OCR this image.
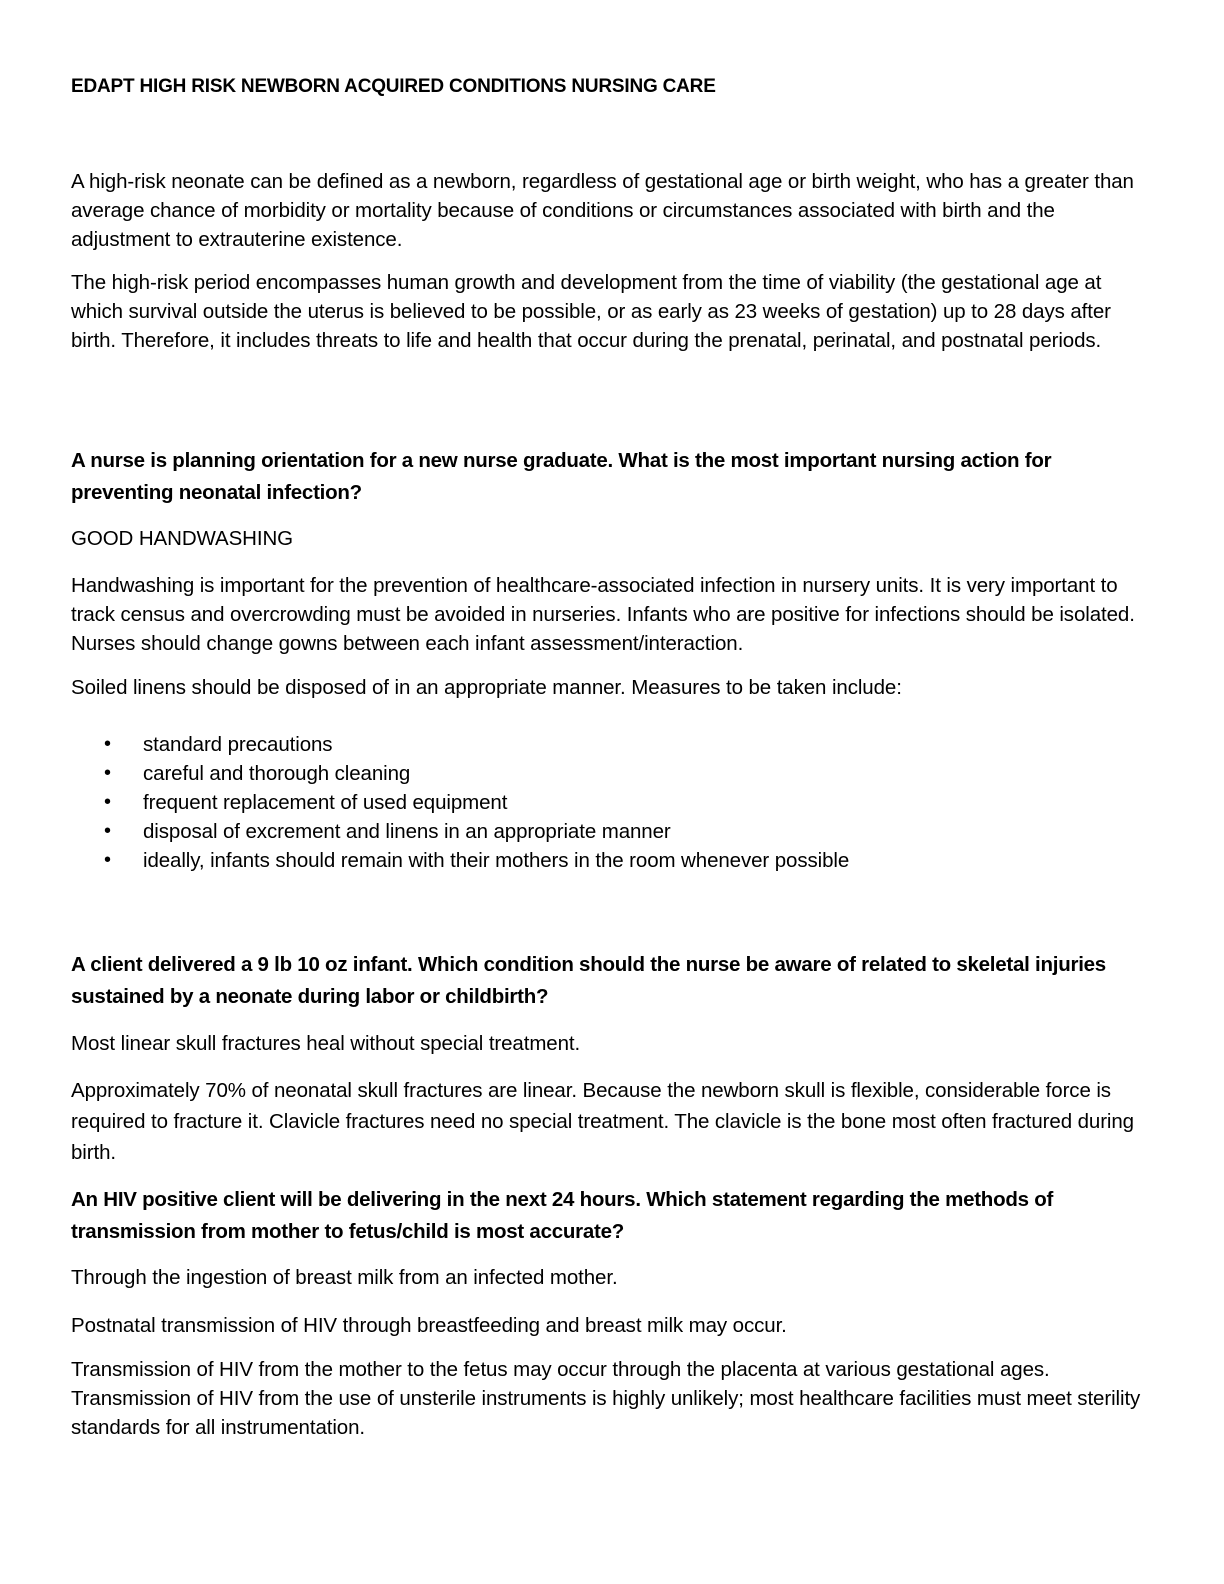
EDAPT HIGH RISK NEWBORN ACQUIRED CONDITIONS NURSING CARE

A high-risk neonate can be defined as a newborn, regardless of gestational age or birth weight, who has a greater than average chance of morbidity or mortality because of conditions or circumstances associated with birth and the adjustment to extrauterine existence.

The high-risk period encompasses human growth and development from the time of viability (the gestational age at which survival outside the uterus is believed to be possible, or as early as 23 weeks of gestation) up to 28 days after birth. Therefore, it includes threats to life and health that occur during the prenatal, perinatal, and postnatal periods.

A nurse is planning orientation for a new nurse graduate. What is the most important nursing action for preventing neonatal infection?

GOOD HANDWASHING

Handwashing is important for the prevention of healthcare-associated infection in nursery units. It is very important to track census and overcrowding must be avoided in nurseries. Infants who are positive for infections should be isolated. Nurses should change gowns between each infant assessment/interaction.

Soiled linens should be disposed of in an appropriate manner. Measures to be taken include:

• standard precautions
• careful and thorough cleaning
• frequent replacement of used equipment
• disposal of excrement and linens in an appropriate manner
• ideally, infants should remain with their mothers in the room whenever possible

A client delivered a 9 lb 10 oz infant. Which condition should the nurse be aware of related to skeletal injuries sustained by a neonate during labor or childbirth?

Most linear skull fractures heal without special treatment.

Approximately 70% of neonatal skull fractures are linear. Because the newborn skull is flexible, considerable force is required to fracture it. Clavicle fractures need no special treatment. The clavicle is the bone most often fractured during birth.

An HIV positive client will be delivering in the next 24 hours. Which statement regarding the methods of transmission from mother to fetus/child is most accurate?

Through the ingestion of breast milk from an infected mother.

Postnatal transmission of HIV through breastfeeding and breast milk may occur.

Transmission of HIV from the mother to the fetus may occur through the placenta at various gestational ages. Transmission of HIV from the use of unsterile instruments is highly unlikely; most healthcare facilities must meet sterility standards for all instrumentation.
